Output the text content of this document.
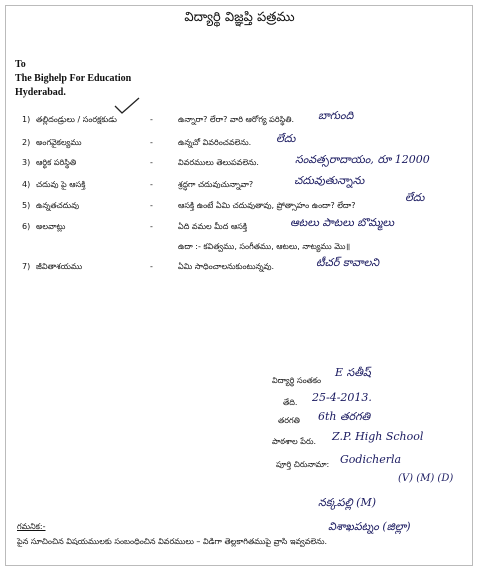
విద్యార్థి విజ్ఞప్తి పత్రము
To
The Bighelp For Education
Hyderabad.
1) తల్లిదండ్రులు / సంరక్షకుడు	-	ఉన్నారా? లేరా? వారి ఆరోగ్య పరిస్థితి. బాగుంది
2) అంగవైకల్యము	-	ఉన్నచో వివరించవలెను. లేదు
3) ఆర్థిక పరిస్థితి	-	వివరములు తెలుపవలెను.	సంవత్సరాదాయం, రూ 12000
4) చదువు పై ఆసక్తి	-	శ్రద్ధగా చదువుచున్నావా?	చదువుతున్నాను
5) ఉన్నతచదువు	-	ఆసక్తి ఉంటే ఏమి చదువుతావు, ప్రోత్సాహం ఉందా? లేదా?
లేదు
6) అలవాట్లు	-	ఏది వమల మీద ఆసక్తి	ఆటలు పాటలు బొమ్మలు
ఉదా :- కవిత్వము, సంగీతము, ఆటలు, నాట్యము మొ॥
7) జీవితాశయము	-	ఏమి సాధించాలనుకుంటున్నవు.	టీచర్ కావాలని
విద్యార్థి సంతకం
E సతీష్
తేది. 25-4-2013.
తరగతి 6th తరగతి
పాఠశాల పేరు. Z.P. High School
పూర్తి చిరునామా: Godicherla
(V) (M) (D)
నక్కపల్లి (M)
విశాఖపట్నం (జిల్లా)
గమనిక:-
పైన సూచించిన విషయములకు సంబంధించిన వివరములు – విడిగా తెల్లకాగితముపై వ్రాసి ఇవ్వవలెను.
